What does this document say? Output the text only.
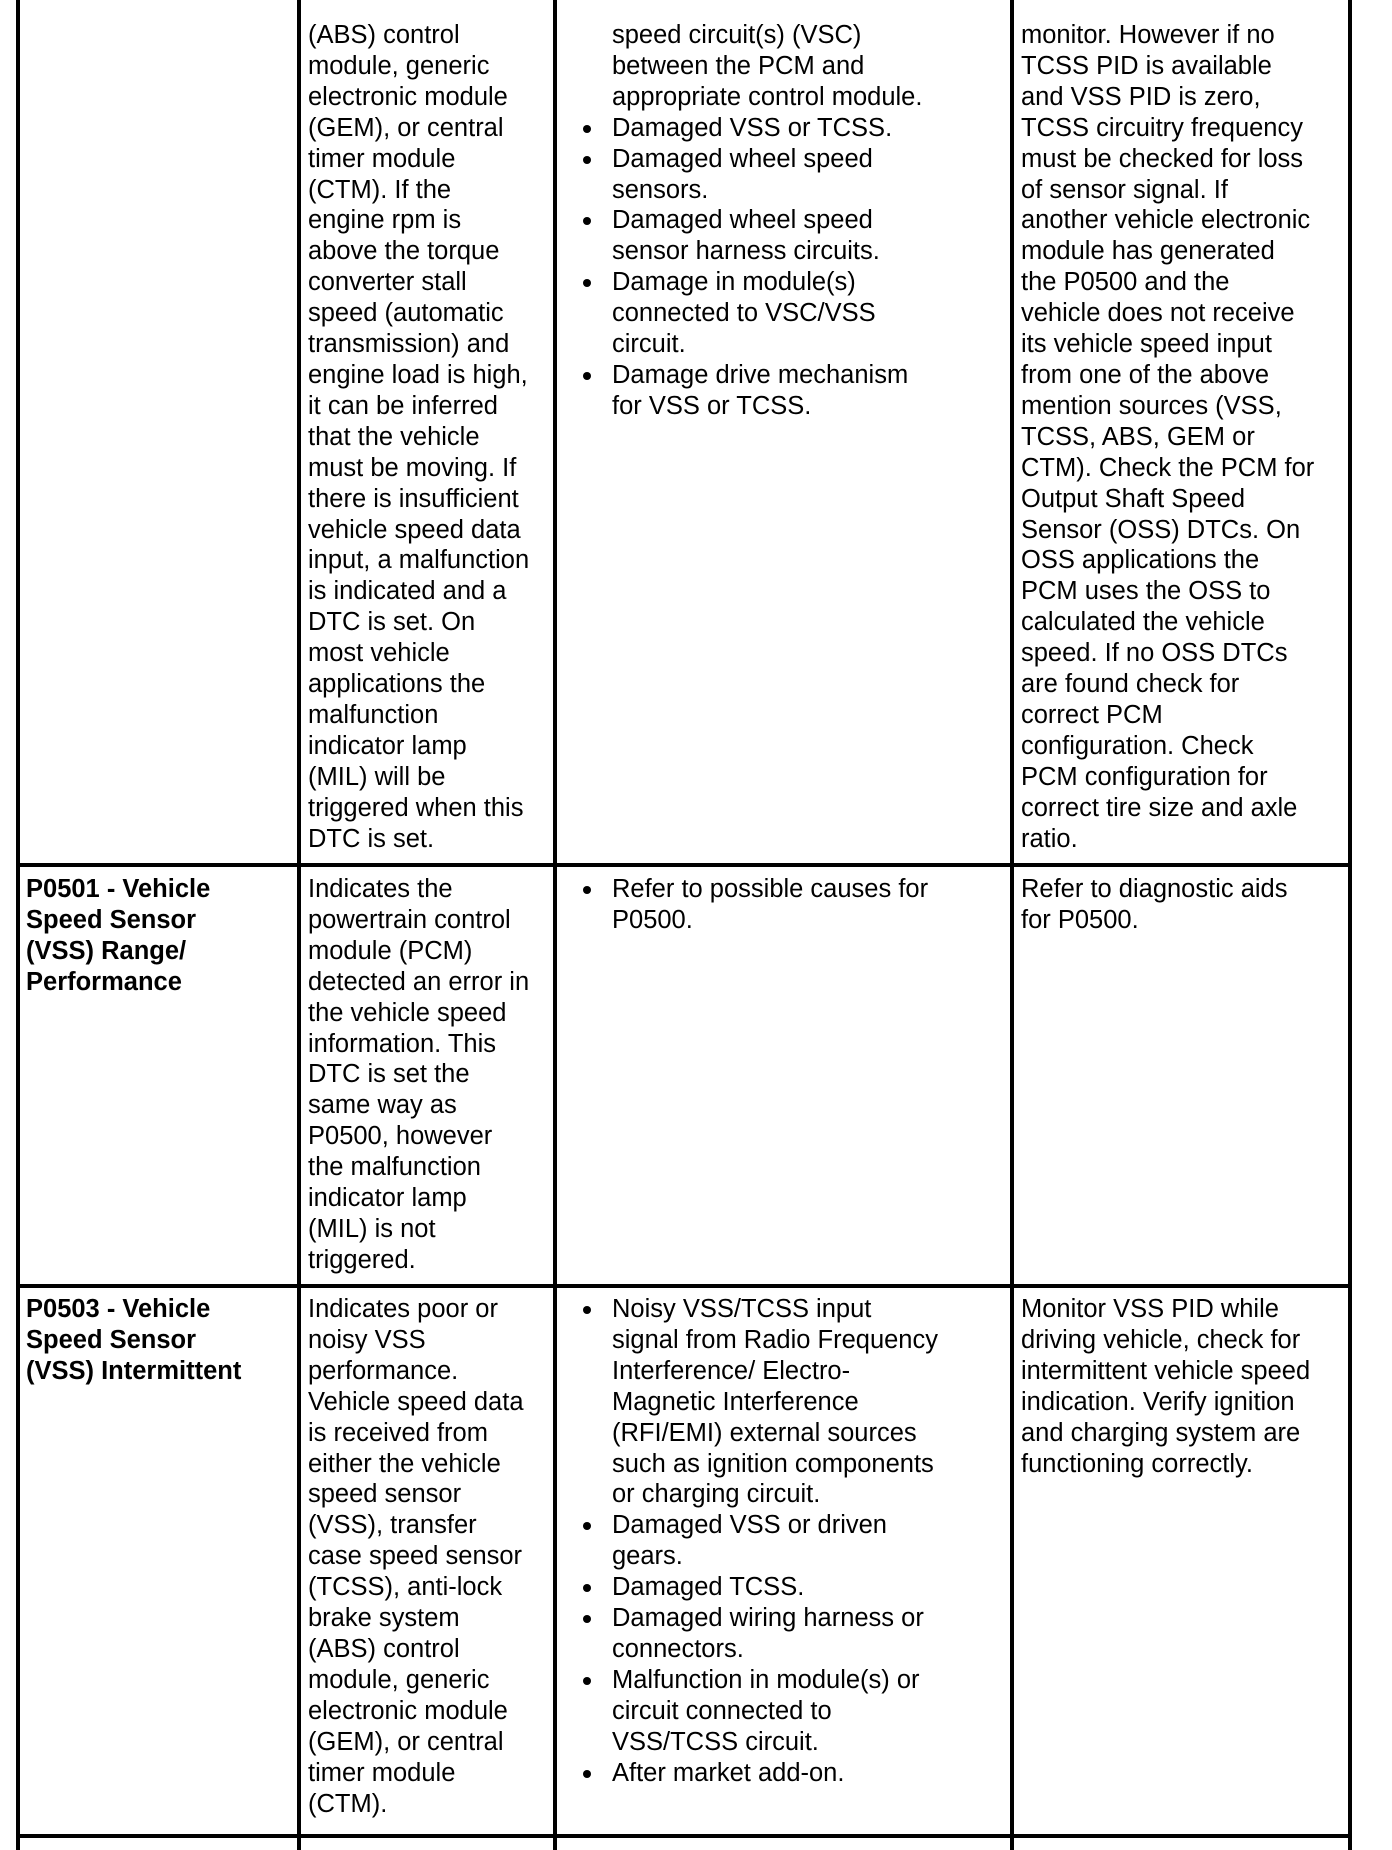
(ABS) control
module, generic
electronic module
(GEM), or central
timer module
(CTM). If the
engine rpm is
above the torque
converter stall
speed (automatic
transmission) and
engine load is high,
it can be inferred
that the vehicle
must be moving. If
there is insufficient
vehicle speed data
input, a malfunction
is indicated and a
DTC is set. On
most vehicle
applications the
malfunction
indicator lamp
(MIL) will be
triggered when this
DTC is set.
speed circuit(s) (VSC)
between the PCM and
appropriate control module.
Damaged VSS or TCSS.
Damaged wheel speed
sensors.
Damaged wheel speed
sensor harness circuits.
Damage in module(s)
connected to VSC/VSS
circuit.
Damage drive mechanism
for VSS or TCSS.
monitor. However if no
TCSS PID is available
and VSS PID is zero,
TCSS circuitry frequency
must be checked for loss
of sensor signal. If
another vehicle electronic
module has generated
the P0500 and the
vehicle does not receive
its vehicle speed input
from one of the above
mention sources (VSS,
TCSS, ABS, GEM or
CTM). Check the PCM for
Output Shaft Speed
Sensor (OSS) DTCs. On
OSS applications the
PCM uses the OSS to
calculated the vehicle
speed. If no OSS DTCs
are found check for
correct PCM
configuration. Check
PCM configuration for
correct tire size and axle
ratio.
P0501 - Vehicle
Speed Sensor
(VSS) Range/
Performance
Indicates the
powertrain control
module (PCM)
detected an error in
the vehicle speed
information. This
DTC is set the
same way as
P0500, however
the malfunction
indicator lamp
(MIL) is not
triggered.
Refer to possible causes for
P0500.
Refer to diagnostic aids
for P0500.
P0503 - Vehicle
Speed Sensor
(VSS) Intermittent
Indicates poor or
noisy VSS
performance.
Vehicle speed data
is received from
either the vehicle
speed sensor
(VSS), transfer
case speed sensor
(TCSS), anti-lock
brake system
(ABS) control
module, generic
electronic module
(GEM), or central
timer module
(CTM).
Noisy VSS/TCSS input
signal from Radio Frequency
Interference/ Electro-
Magnetic Interference
(RFI/EMI) external sources
such as ignition components
or charging circuit.
Damaged VSS or driven
gears.
Damaged TCSS.
Damaged wiring harness or
connectors.
Malfunction in module(s) or
circuit connected to
VSS/TCSS circuit.
After market add-on.
Monitor VSS PID while
driving vehicle, check for
intermittent vehicle speed
indication. Verify ignition
and charging system are
functioning correctly.
